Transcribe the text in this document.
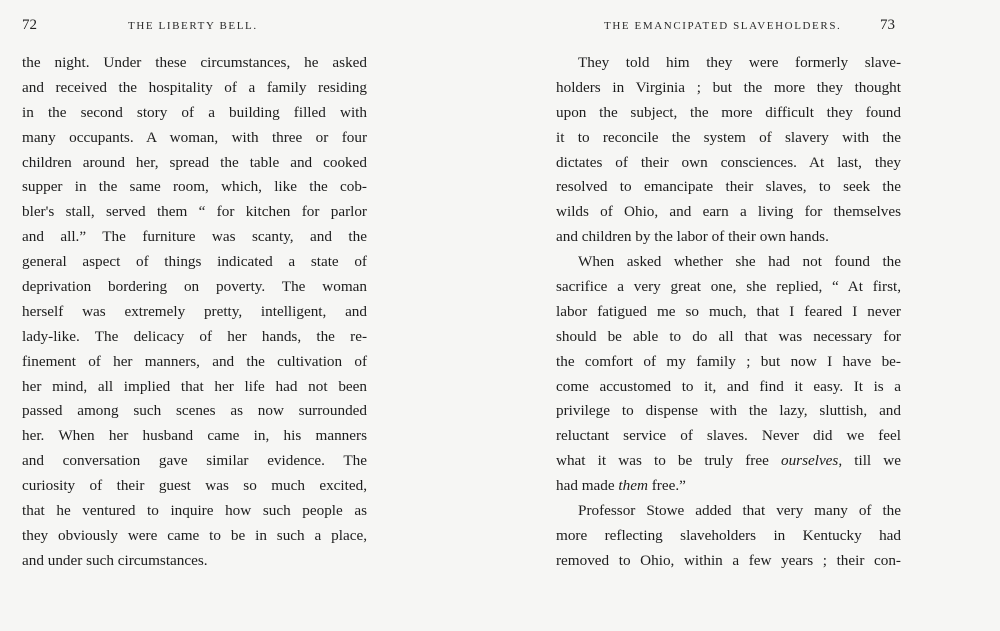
72	THE LIBERTY BELL.
the night. Under these circumstances, he asked
and received the hospitality of a family residing
in the second story of a building filled with
many occupants. A woman, with three or four
children around her, spread the table and cooked
supper in the same room, which, like the cob-
bler's stall, served them “ for kitchen for parlor
and all.” The furniture was scanty, and the
general aspect of things indicated a state of
deprivation bordering on poverty. The woman
herself was extremely pretty, intelligent, and
lady-like. The delicacy of her hands, the re-
finement of her manners, and the cultivation of
her mind, all implied that her life had not been
passed among such scenes as now surrounded
her. When her husband came in, his manners
and conversation gave similar evidence. The
curiosity of their guest was so much excited,
that he ventured to inquire how such people as
they obviously were came to be in such a place,
and under such circumstances.
THE EMANCIPATED SLAVEHOLDERS.	73
They told him they were formerly slave-
holders in Virginia ; but the more they thought
upon the subject, the more difficult they found
it to reconcile the system of slavery with the
dictates of their own consciences. At last, they
resolved to emancipate their slaves, to seek the
wilds of Ohio, and earn a living for themselves
and children by the labor of their own hands.
When asked whether she had not found the
sacrifice a very great one, she replied, “ At first,
labor fatigued me so much, that I feared I never
should be able to do all that was necessary for
the comfort of my family ; but now I have be-
come accustomed to it, and find it easy. It is a
privilege to dispense with the lazy, sluttish, and
reluctant service of slaves. Never did we feel
what it was to be truly free ourselves, till we
had made them free.”
Professor Stowe added that very many of the
more reflecting slaveholders in Kentucky had
removed to Ohio, within a few years ; their con-
